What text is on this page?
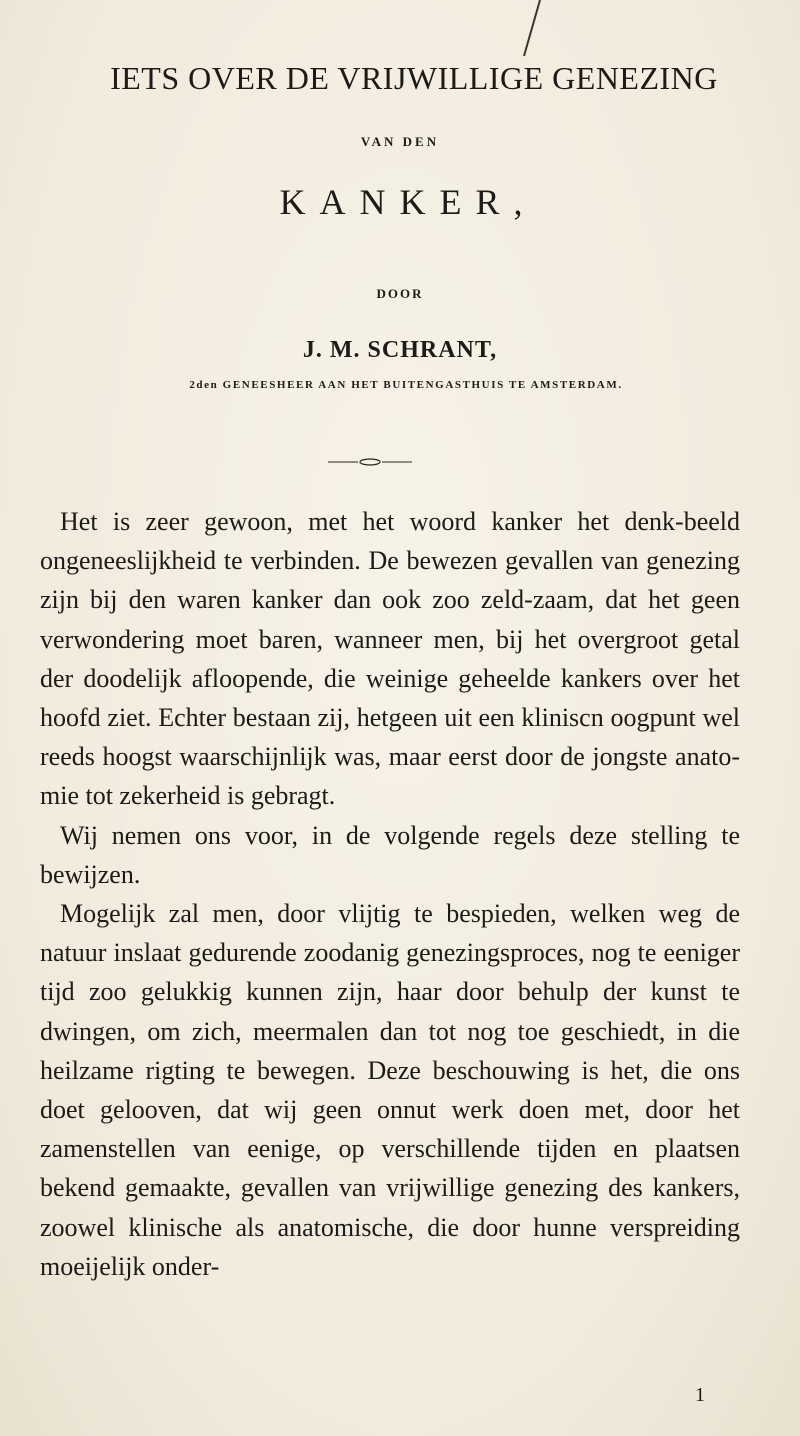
IETS OVER DE VRIJWILLIGE GENEZING
VAN DEN
KANKER,
DOOR
J. M. SCHRANT,
2den GENEESHEER AAN HET BUITENGASTHUIS TE AMSTERDAM.

Het is zeer gewoon, met het woord kanker het denk-beeld ongeneeslijkheid te verbinden. De bewezen gevallen van genezing zijn bij den waren kanker dan ook zoo zeld-zaam, dat het geen verwondering moet baren, wanneer men, bij het overgroot getal der doodelijk afloopende, die weinige geheelde kankers over het hoofd ziet. Echter bestaan zij, hetgeen uit een kliniscn oogpunt wel reeds hoogst waarschijnlijk was, maar eerst door de jongste anato-mie tot zekerheid is gebragt.

Wij nemen ons voor, in de volgende regels deze stelling te bewijzen.

Mogelijk zal men, door vlijtig te bespieden, welken weg de natuur inslaat gedurende zoodanig genezingsproces, nog te eeniger tijd zoo gelukkig kunnen zijn, haar door behulp der kunst te dwingen, om zich, meermalen dan tot nog toe geschiedt, in die heilzame rigting te bewegen. Deze beschouwing is het, die ons doet gelooven, dat wij geen onnut werk doen met, door het zamenstellen van eenige, op verschillende tijden en plaatsen bekend gemaakte, gevallen van vrijwillige genezing des kankers, zoowel klinische als anatomische, die door hunne verspreiding moeijelijk onder-

1
